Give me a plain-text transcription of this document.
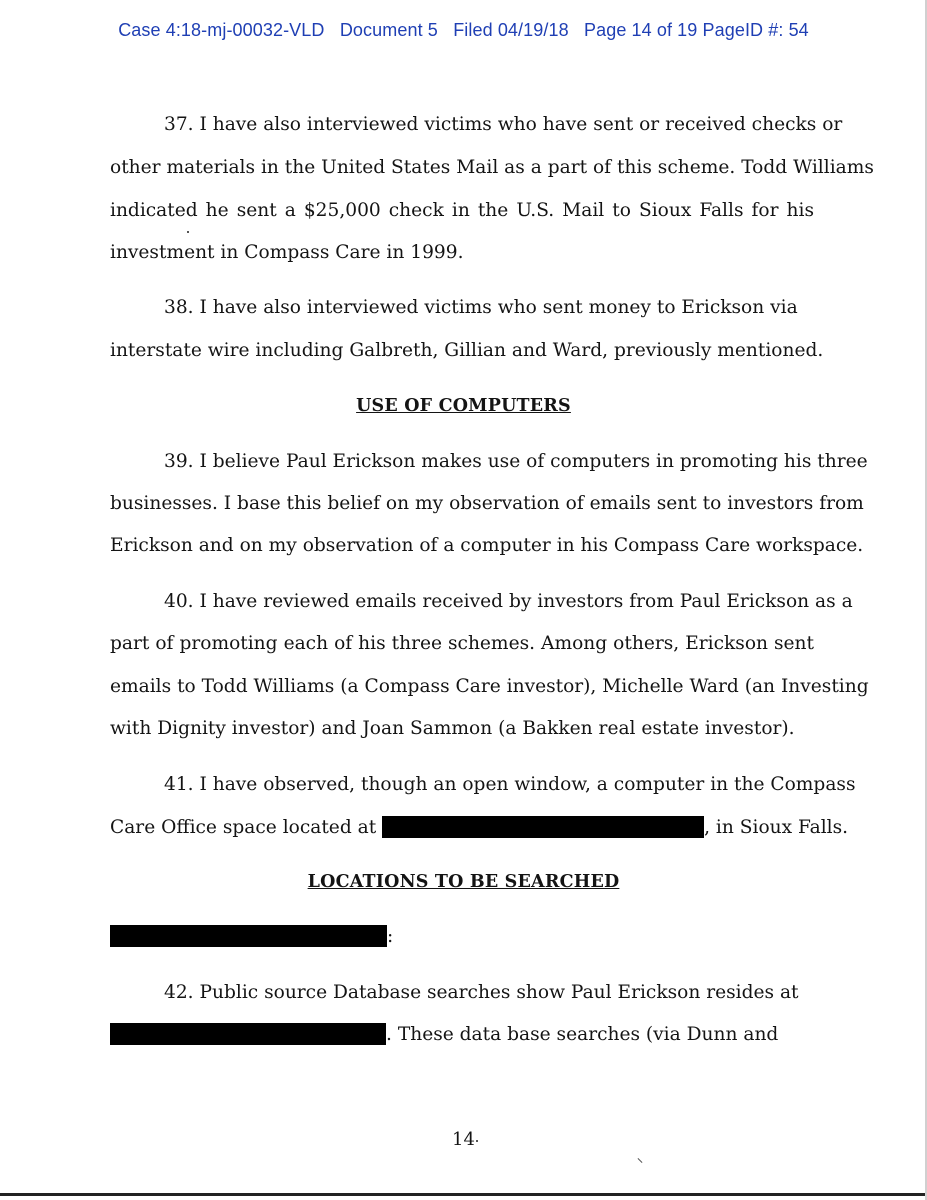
Case 4:18-mj-00032-VLD Document 5 Filed 04/19/18 Page 14 of 19 PageID #: 54
37. I have also interviewed victims who have sent or received checks or
other materials in the United States Mail as a part of this scheme. Todd Williams
indicated he sent a $25,000 check in the U.S. Mail to Sioux Falls for his
investment in Compass Care in 1999.
38. I have also interviewed victims who sent money to Erickson via
interstate wire including Galbreth, Gillian and Ward, previously mentioned.
USE OF COMPUTERS
39. I believe Paul Erickson makes use of computers in promoting his three
businesses. I base this belief on my observation of emails sent to investors from
Erickson and on my observation of a computer in his Compass Care workspace.
40. I have reviewed emails received by investors from Paul Erickson as a
part of promoting each of his three schemes. Among others, Erickson sent
emails to Todd Williams (a Compass Care investor), Michelle Ward (an Investing
with Dignity investor) and Joan Sammon (a Bakken real estate investor).
41. I have observed, though an open window, a computer in the Compass
Care Office space located at	, in Sioux Falls.
LOCATIONS TO BE SEARCHED
:
42. Public source Database searches show Paul Erickson resides at
. These data base searches (via Dunn and
14
